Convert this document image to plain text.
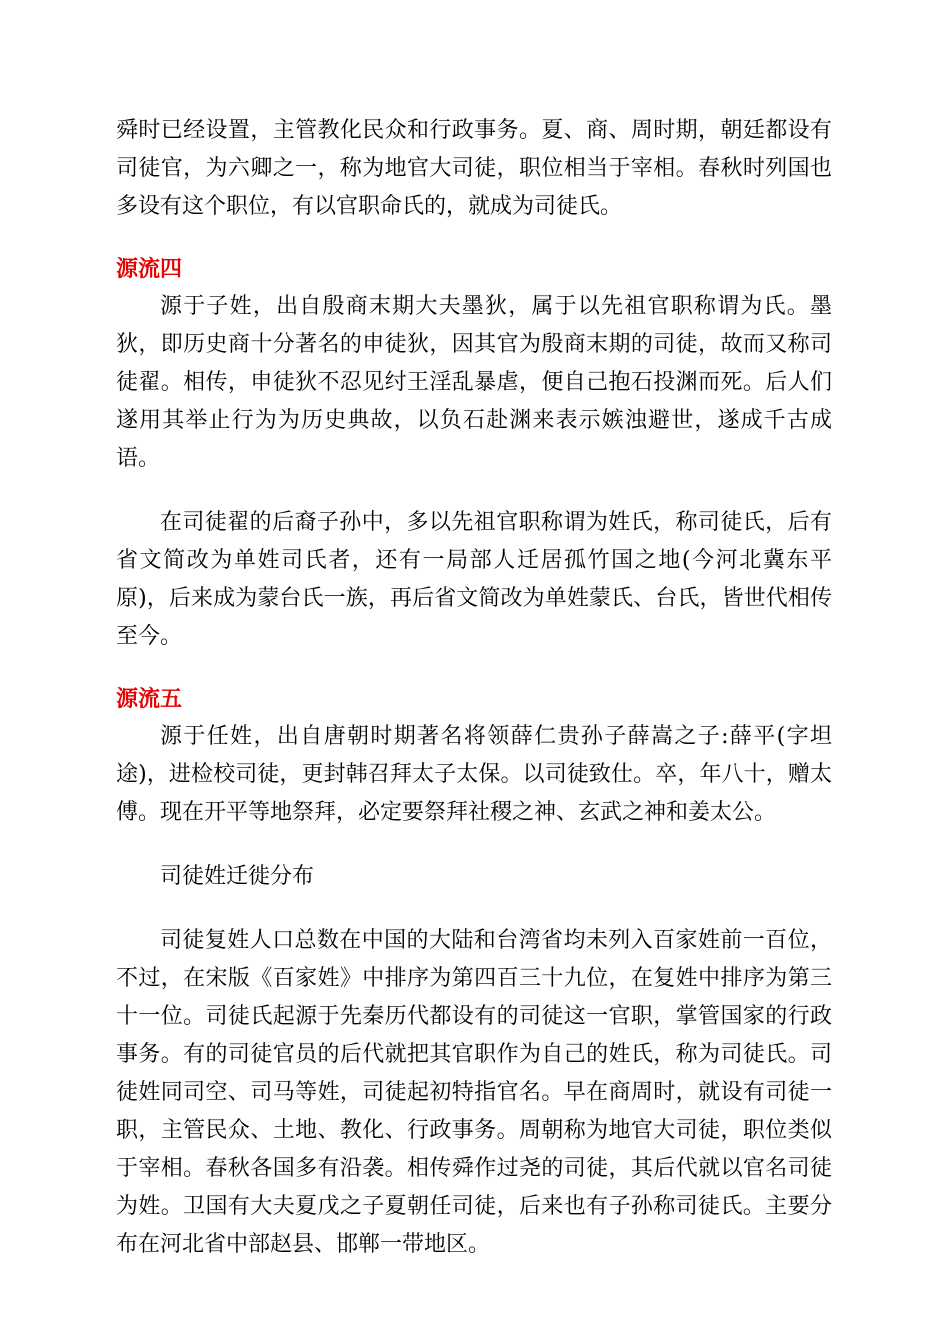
舜时已经设置，主管教化民众和行政事务。夏、商、周时期，朝廷都设有司徒官，为六卿之一，称为地官大司徒，职位相当于宰相。春秋时列国也多设有这个职位，有以官职命氏的，就成为司徒氏。

源流四

源于子姓，出自殷商末期大夫墨狄，属于以先祖官职称谓为氏。墨狄，即历史商十分著名的申徒狄，因其官为殷商末期的司徒，故而又称司徒翟。相传，申徒狄不忍见纣王淫乱暴虐，便自己抱石投渊而死。后人们遂用其举止行为为历史典故，以负石赴渊来表示嫉浊避世，遂成千古成语。

在司徒翟的后裔子孙中，多以先祖官职称谓为姓氏，称司徒氏，后有省文简改为单姓司氏者，还有一局部人迁居孤竹国之地(今河北冀东平原)，后来成为蒙台氏一族，再后省文简改为单姓蒙氏、台氏，皆世代相传至今。

源流五

源于任姓，出自唐朝时期著名将领薛仁贵孙子薛嵩之子:薛平(字坦途)，进检校司徒，更封韩召拜太子太保。以司徒致仕。卒，年八十，赠太傅。现在开平等地祭拜，必定要祭拜社稷之神、玄武之神和姜太公。

司徒姓迁徙分布

司徒复姓人口总数在中国的大陆和台湾省均未列入百家姓前一百位，不过，在宋版《百家姓》中排序为第四百三十九位，在复姓中排序为第三十一位。司徒氏起源于先秦历代都设有的司徒这一官职，掌管国家的行政事务。有的司徒官员的后代就把其官职作为自己的姓氏，称为司徒氏。司徒姓同司空、司马等姓，司徒起初特指官名。早在商周时，就设有司徒一职，主管民众、土地、教化、行政事务。周朝称为地官大司徒，职位类似于宰相。春秋各国多有沿袭。相传舜作过尧的司徒，其后代就以官名司徒为姓。卫国有大夫夏戊之子夏朝任司徒，后来也有子孙称司徒氏。主要分布在河北省中部赵县、邯郸一带地区。
